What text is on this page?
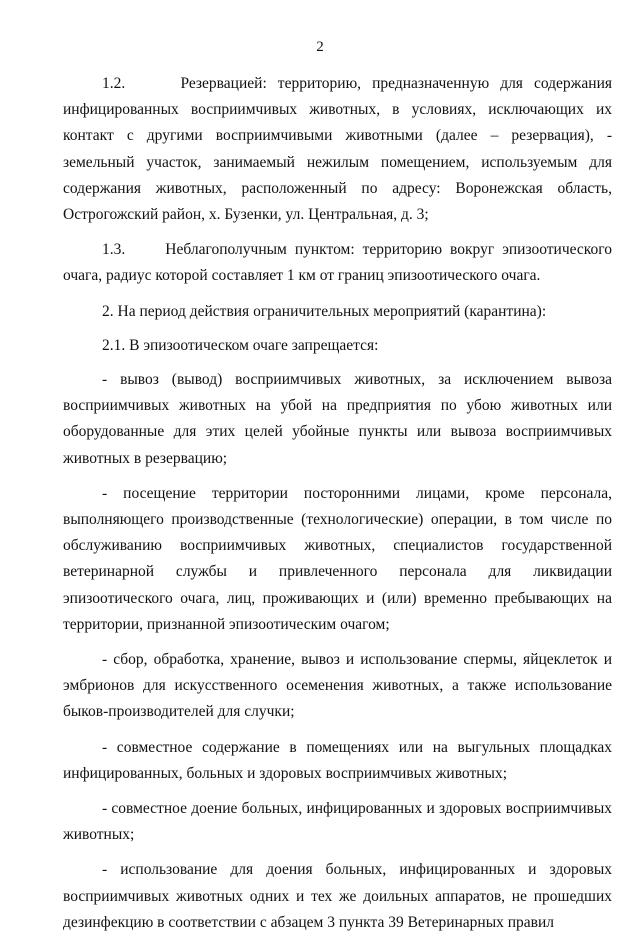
2

1.2.     Резервацией: территорию, предназначенную для содержания инфицированных восприимчивых животных, в условиях, исключающих их контакт с другими восприимчивыми животными (далее – резервация), - земельный участок, занимаемый нежилым помещением, используемым для содержания животных, расположенный по адресу: Воронежская область, Острогожский район, х. Бузенки, ул. Центральная, д. 3;

1.3.     Неблагополучным пунктом: территорию вокруг эпизоотического очага, радиус которой составляет 1 км от границ эпизоотического очага.

2. На период действия ограничительных мероприятий (карантина):

2.1. В эпизоотическом очаге запрещается:

- вывоз (вывод) восприимчивых животных, за исключением вывоза восприимчивых животных на убой на предприятия по убою животных или оборудованные для этих целей убойные пункты или вывоза восприимчивых животных в резервацию;

- посещение территории посторонними лицами, кроме персонала, выполняющего производственные (технологические) операции, в том числе по обслуживанию восприимчивых животных, специалистов государственной ветеринарной службы и привлеченного персонала для ликвидации эпизоотического очага, лиц, проживающих и (или) временно пребывающих на территории, признанной эпизоотическим очагом;

- сбор, обработка, хранение, вывоз и использование спермы, яйцеклеток и эмбрионов для искусственного осеменения животных, а также использование быков-производителей для случки;

- совместное содержание в помещениях или на выгульных площадках инфицированных, больных и здоровых восприимчивых животных;

- совместное доение больных, инфицированных и здоровых восприимчивых животных;

- использование для доения больных, инфицированных и здоровых восприимчивых животных одних и тех же доильных аппаратов, не прошедших дезинфекцию в соответствии с абзацем 3 пункта 39 Ветеринарных правил
